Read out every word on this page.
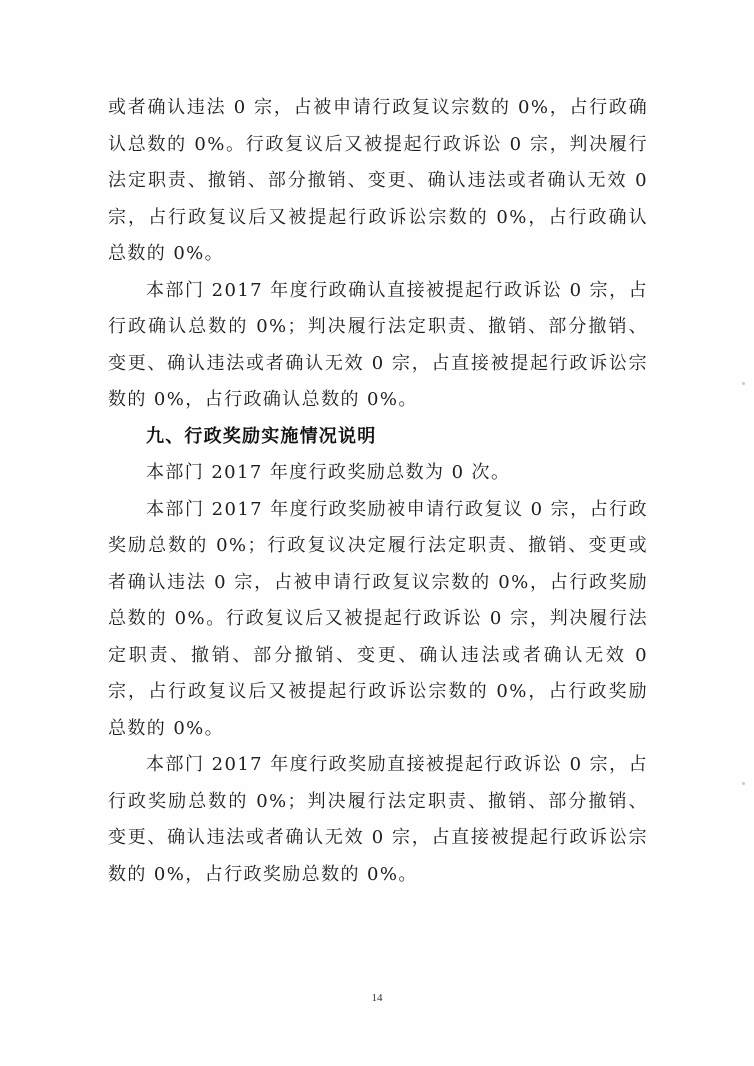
或者确认违法 0 宗，占被申请行政复议宗数的 0%，占行政确认总数的 0%。行政复议后又被提起行政诉讼 0 宗，判决履行法定职责、撤销、部分撤销、变更、确认违法或者确认无效 0 宗，占行政复议后又被提起行政诉讼宗数的 0%，占行政确认总数的 0%。

本部门 2017 年度行政确认直接被提起行政诉讼 0 宗，占行政确认总数的 0%；判决履行法定职责、撤销、部分撤销、变更、确认违法或者确认无效 0 宗，占直接被提起行政诉讼宗数的 0%，占行政确认总数的 0%。

九、行政奖励实施情况说明

本部门 2017 年度行政奖励总数为 0 次。

本部门 2017 年度行政奖励被申请行政复议 0 宗，占行政奖励总数的 0%；行政复议决定履行法定职责、撤销、变更或者确认违法 0 宗，占被申请行政复议宗数的 0%，占行政奖励总数的 0%。行政复议后又被提起行政诉讼 0 宗，判决履行法定职责、撤销、部分撤销、变更、确认违法或者确认无效 0 宗，占行政复议后又被提起行政诉讼宗数的 0%，占行政奖励总数的 0%。

本部门 2017 年度行政奖励直接被提起行政诉讼 0 宗，占行政奖励总数的 0%；判决履行法定职责、撤销、部分撤销、变更、确认违法或者确认无效 0 宗，占直接被提起行政诉讼宗数的 0%，占行政奖励总数的 0%。

14
